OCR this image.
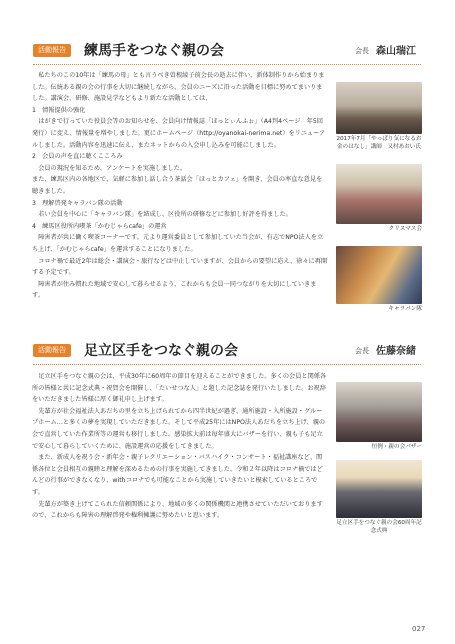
活動報告	練馬手をつなぐ親の会	会長 森山瑞江

私たちのこの10年は「練馬の母」とも言うべき曽根綾子前会長の逝去に伴い、新体制作りから始まりました。伝統ある親の会の行事を大切に継続しながら、会員のニーズに沿った活動を目標に努めてまいりました。講演会、研修、施設見学などもより新たな活動としては、

1　情報提供の強化

はがきで行っていた役員会等のお知らせを、会員向け情報誌「ほっとぃんふぉ」（A4判4ページ　年5回発行）に変え、情報量を増やしました。更にホームページ（http://oyanokai-nerima.net）をリニューアルしました。活動内容を迅速に伝え、またネットからの入会申し込みを可能にしました。

2　会員の声を直に聴くこころみ

会員の現況を知るため、アンケートを実施しました。

また、練馬区内の各地区で、気軽に参加し話し合う茶話会「ほっとカフェ」を開き、会員の率直な意見を聴きました。

3　理解啓発キャラバン隊の活動

若い会員を中心に「キャラバン隊」を結成し、区役所の研修などに参加し好評を得ました。

4　練馬区役所内喫茶「かむじゃらcafe」の運営

障害者が共に働く喫茶コーナーです。元より運営委員として参加していた当会が、有志でNPO法人を立ち上げ、「かむじゃらcafe」を運営することになりました。

コロナ禍で最近2年は総会・講演会・旅行などは中止していますが、会員からの要望に応え、徐々に再開する予定です。

障害者が住み慣れた地域で安心して暮らせるよう、これからも会員一同つながりを大切にしていきます。

2017年7月「やっぱり気になるお金のはなし」講師　又村あおい氏
クリスマス会
キャラバン隊
活動報告	足立区手をつなぐ親の会	会長 佐藤奈緒

足立区手をつなぐ親の会は、平成30年に60周年の節目を迎えることができました。多くの会員と関係各所の皆様と共に記念式典・祝賀会を開催し、「たいせつな人」と題した記念誌を発行いたしました。お祝辞をいただきました皆様に厚く御礼申し上げます。

先輩方が社会福祉法人あだちの里を立ち上げられてから四半世紀が過ぎ、通所施設・入所施設・グループホーム…と多くの夢を実現していただきました。そして平成25年にはNPO法人あだちを立ち上げ、親の会で直営していた作業所等の運営も移行しました。感染拡大前は毎年盛大にバザーを行い、親も子も足立で安心して暮らしていくために、施設運営の応援をしてきました。

また、新成人を祝う会・新年会・親子レクリエーション・バスハイク・コンサート・福祉講座など、関係各位と会員相互の親睦と理解を深めるための行事を実施してきました。令和２年以降はコロナ禍ではどんどの行事ができなくなり、withコロナでも可能なことから実施していきたいと模索しているところです。

先輩方が築き上げてこられた信頼関係により、地域の多くの関係機関と連携させていただいておりますので、これからも障害の理解啓発や権利擁護に努めたいと思います。

恒例・親の会バザー
足立区手をつなぐ親の会60周年記念式典
027
